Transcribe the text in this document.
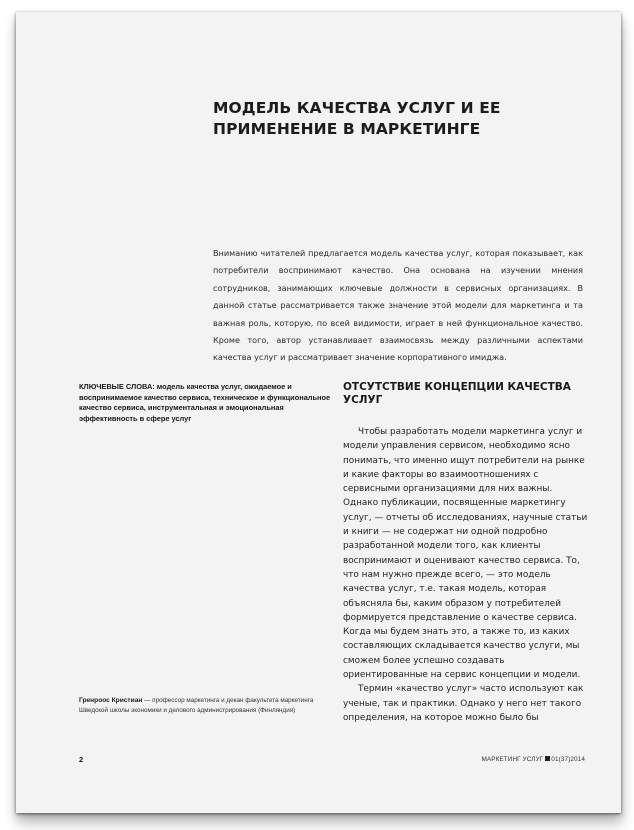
МОДЕЛЬ КАЧЕСТВА УСЛУГ И ЕЕ ПРИМЕНЕНИЕ В МАРКЕТИНГЕ

Вниманию читателей предлагается модель качества услуг, которая показывает, как потребители воспринимают качество. Она основана на изучении мнения сотрудников, занимающих ключевые должности в сервисных организациях. В данной статье рассматривается также значение этой модели для маркетинга и та важная роль, которую, по всей видимости, играет в ней функциональное качество. Кроме того, автор устанавливает взаимосвязь между различными аспектами качества услуг и рассматривает значение корпоративного имиджа.

КЛЮЧЕВЫЕ СЛОВА: модель качества услуг, ожидаемое и воспринимаемое качество сервиса, техническое и функциональное качество сервиса, инструментальная и эмоциональная эффективность в сфере услуг

ОТСУТСТВИЕ КОНЦЕПЦИИ КАЧЕСТВА УСЛУГ

Чтобы разработать модели маркетинга услуг и модели управления сервисом, необходимо ясно понимать, что именно ищут потребители на рынке и какие факторы во взаимоотношениях с сервисными организациями для них важны. Однако публикации, посвященные маркетингу услуг, — отчеты об исследованиях, научные статьи и книги — не содержат ни одной подробно разработанной модели того, как клиенты воспринимают и оценивают качество сервиса. То, что нам нужно прежде всего, — это модель качества услуг, т.е. такая модель, которая объясняла бы, каким образом у потребителей формируется представление о качестве сервиса. Когда мы будем знать это, а также то, из каких составляющих складывается качество услуги, мы сможем более успешно создавать ориентированные на сервис концепции и модели.

Термин «качество услуг» часто используют как ученые, так и практики. Однако у него нет такого определения, на которое можно было бы

Гренроос Кристиан — профессор маркетинга и декан факультета маркетинга Шведской школы экономики и делового администрирования (Финляндия)

2	МАРКЕТИНГ УСЛУГ 01(37)2014
